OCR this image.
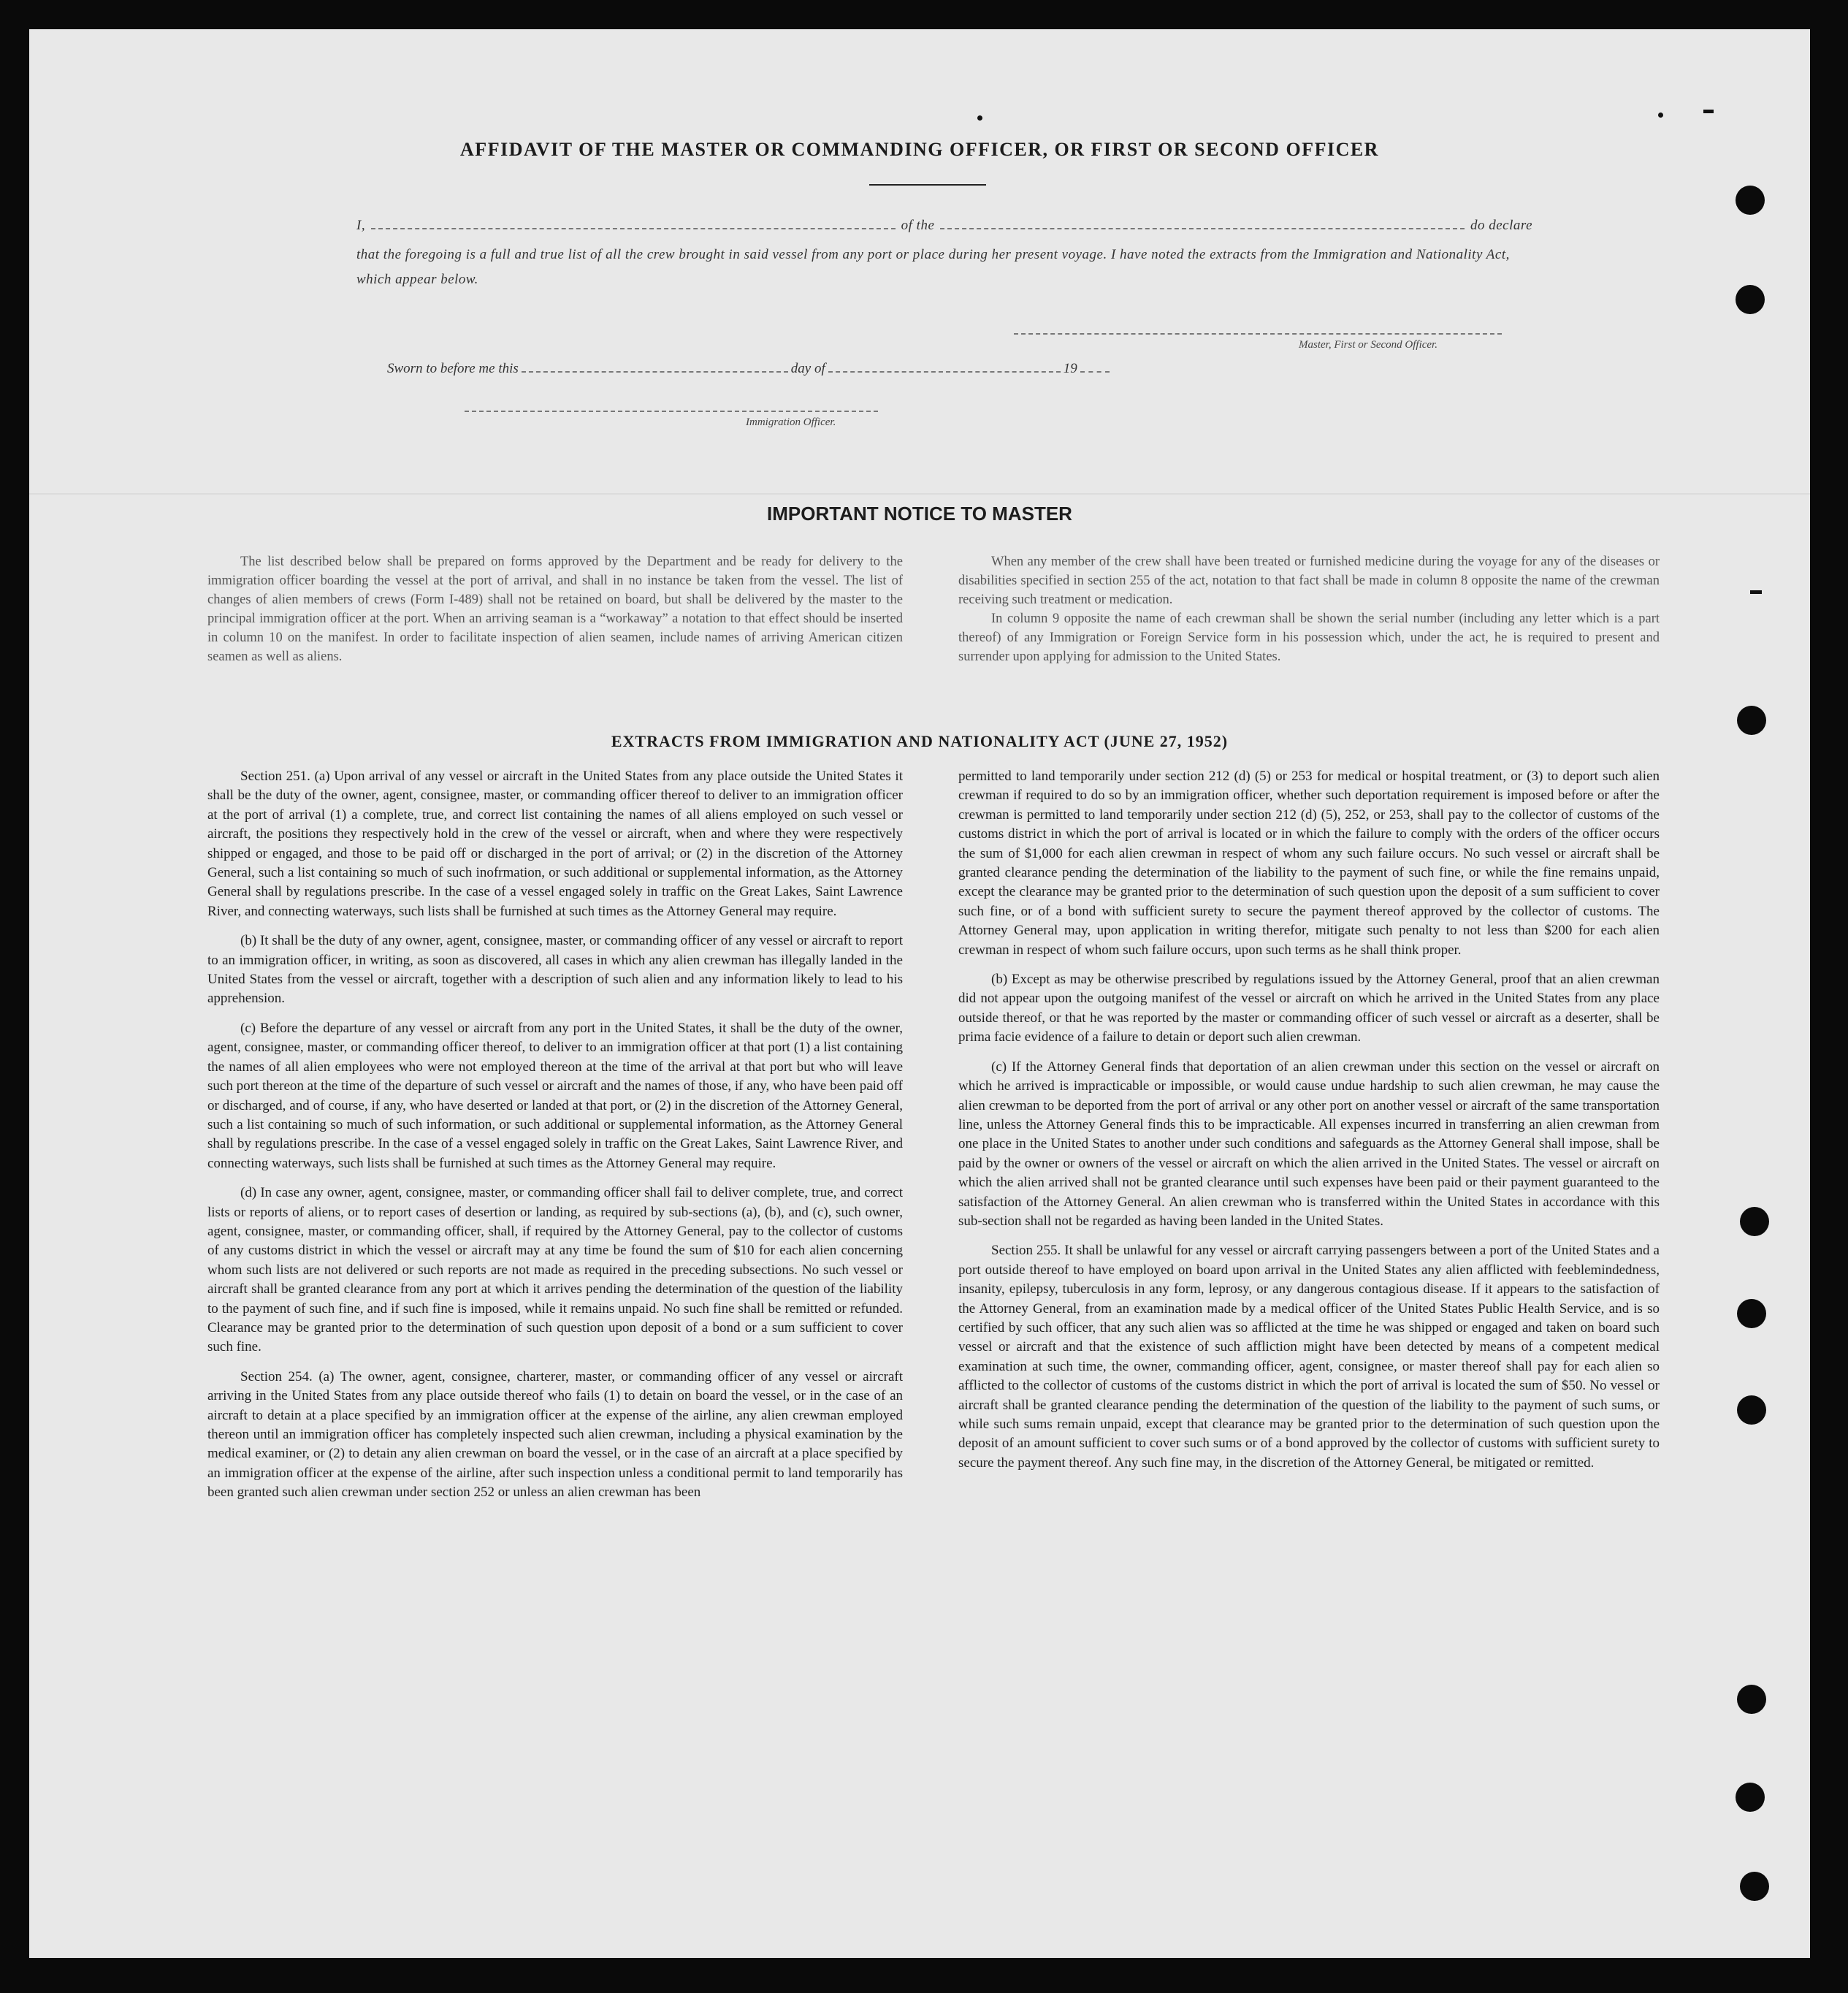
AFFIDAVIT OF THE MASTER OR COMMANDING OFFICER, OR FIRST OR SECOND OFFICER
I,	of the	do declare
that the foregoing is a full and true list of all the crew brought in said vessel from any port or place during her present voyage. I have noted the extracts from the Immigration and Nationality Act, which appear below.
Master, First or Second Officer.
Sworn to before me this	day of	19
Immigration Officer.
IMPORTANT NOTICE TO MASTER

The list described below shall be prepared on forms approved by the Department and be ready for delivery to the immigration officer boarding the vessel at the port of arrival, and shall in no instance be taken from the vessel. The list of changes of alien members of crews (Form I-489) shall not be retained on board, but shall be delivered by the master to the principal immigration officer at the port. When an arriving seaman is a “workaway” a notation to that effect should be inserted in column 10 on the manifest. In order to facilitate inspection of alien seamen, include names of arriving American citizen seamen as well as aliens.

When any member of the crew shall have been treated or furnished medicine during the voyage for any of the diseases or disabilities specified in section 255 of the act, notation to that fact shall be made in column 8 opposite the name of the crewman receiving such treatment or medication.

In column 9 opposite the name of each crewman shall be shown the serial number (including any letter which is a part thereof) of any Immigration or Foreign Service form in his possession which, under the act, he is required to present and surrender upon applying for admission to the United States.

EXTRACTS FROM IMMIGRATION AND NATIONALITY ACT (JUNE 27, 1952)

Section 251. (a) Upon arrival of any vessel or aircraft in the United States from any place outside the United States it shall be the duty of the owner, agent, consignee, master, or commanding officer thereof to deliver to an immigration officer at the port of arrival (1) a complete, true, and correct list containing the names of all aliens employed on such vessel or aircraft, the positions they respectively hold in the crew of the vessel or aircraft, when and where they were respectively shipped or engaged, and those to be paid off or discharged in the port of arrival; or (2) in the discretion of the Attorney General, such a list containing so much of such inofrmation, or such additional or supplemental information, as the Attorney General shall by regulations prescribe. In the case of a vessel engaged solely in traffic on the Great Lakes, Saint Lawrence River, and connecting waterways, such lists shall be furnished at such times as the Attorney General may require.

(b) It shall be the duty of any owner, agent, consignee, master, or commanding officer of any vessel or aircraft to report to an immigration officer, in writing, as soon as discovered, all cases in which any alien crewman has illegally landed in the United States from the vessel or aircraft, together with a description of such alien and any information likely to lead to his apprehension.

(c) Before the departure of any vessel or aircraft from any port in the United States, it shall be the duty of the owner, agent, consignee, master, or commanding officer thereof, to deliver to an immigration officer at that port (1) a list containing the names of all alien employees who were not employed thereon at the time of the arrival at that port but who will leave such port thereon at the time of the departure of such vessel or aircraft and the names of those, if any, who have been paid off or discharged, and of course, if any, who have deserted or landed at that port, or (2) in the discretion of the Attorney General, such a list containing so much of such information, or such additional or supplemental information, as the Attorney General shall by regulations prescribe. In the case of a vessel engaged solely in traffic on the Great Lakes, Saint Lawrence River, and connecting waterways, such lists shall be furnished at such times as the Attorney General may require.

(d) In case any owner, agent, consignee, master, or commanding officer shall fail to deliver complete, true, and correct lists or reports of aliens, or to report cases of desertion or landing, as required by sub-sections (a), (b), and (c), such owner, agent, consignee, master, or commanding officer, shall, if required by the Attorney General, pay to the collector of customs of any customs district in which the vessel or aircraft may at any time be found the sum of $10 for each alien concerning whom such lists are not delivered or such reports are not made as required in the preceding subsections. No such vessel or aircraft shall be granted clearance from any port at which it arrives pending the determination of the question of the liability to the payment of such fine, and if such fine is imposed, while it remains unpaid. No such fine shall be remitted or refunded. Clearance may be granted prior to the determination of such question upon deposit of a bond or a sum sufficient to cover such fine.

Section 254. (a) The owner, agent, consignee, charterer, master, or commanding officer of any vessel or aircraft arriving in the United States from any place outside thereof who fails (1) to detain on board the vessel, or in the case of an aircraft to detain at a place specified by an immigration officer at the expense of the airline, any alien crewman employed thereon until an immigration officer has completely inspected such alien crewman, including a physical examination by the medical examiner, or (2) to detain any alien crewman on board the vessel, or in the case of an aircraft at a place specified by an immigration officer at the expense of the airline, after such inspection unless a conditional permit to land temporarily has been granted such alien crewman under section 252 or unless an alien crewman has been

permitted to land temporarily under section 212 (d) (5) or 253 for medical or hospital treatment, or (3) to deport such alien crewman if required to do so by an immigration officer, whether such deportation requirement is imposed before or after the crewman is permitted to land temporarily under section 212 (d) (5), 252, or 253, shall pay to the collector of customs of the customs district in which the port of arrival is located or in which the failure to comply with the orders of the officer occurs the sum of $1,000 for each alien crewman in respect of whom any such failure occurs. No such vessel or aircraft shall be granted clearance pending the determination of the liability to the payment of such fine, or while the fine remains unpaid, except the clearance may be granted prior to the determination of such question upon the deposit of a sum sufficient to cover such fine, or of a bond with sufficient surety to secure the payment thereof approved by the collector of customs. The Attorney General may, upon application in writing therefor, mitigate such penalty to not less than $200 for each alien crewman in respect of whom such failure occurs, upon such terms as he shall think proper.

(b) Except as may be otherwise prescribed by regulations issued by the Attorney General, proof that an alien crewman did not appear upon the outgoing manifest of the vessel or aircraft on which he arrived in the United States from any place outside thereof, or that he was reported by the master or commanding officer of such vessel or aircraft as a deserter, shall be prima facie evidence of a failure to detain or deport such alien crewman.

(c) If the Attorney General finds that deportation of an alien crewman under this section on the vessel or aircraft on which he arrived is impracticable or impossible, or would cause undue hardship to such alien crewman, he may cause the alien crewman to be deported from the port of arrival or any other port on another vessel or aircraft of the same transportation line, unless the Attorney General finds this to be impracticable. All expenses incurred in transferring an alien crewman from one place in the United States to another under such conditions and safeguards as the Attorney General shall impose, shall be paid by the owner or owners of the vessel or aircraft on which the alien arrived in the United States. The vessel or aircraft on which the alien arrived shall not be granted clearance until such expenses have been paid or their payment guaranteed to the satisfaction of the Attorney General. An alien crewman who is transferred within the United States in accordance with this sub-section shall not be regarded as having been landed in the United States.

Section 255. It shall be unlawful for any vessel or aircraft carrying passengers between a port of the United States and a port outside thereof to have employed on board upon arrival in the United States any alien afflicted with feeblemindedness, insanity, epilepsy, tuberculosis in any form, leprosy, or any dangerous contagious disease. If it appears to the satisfaction of the Attorney General, from an examination made by a medical officer of the United States Public Health Service, and is so certified by such officer, that any such alien was so afflicted at the time he was shipped or engaged and taken on board such vessel or aircraft and that the existence of such affliction might have been detected by means of a competent medical examination at such time, the owner, commanding officer, agent, consignee, or master thereof shall pay for each alien so afflicted to the collector of customs of the customs district in which the port of arrival is located the sum of $50. No vessel or aircraft shall be granted clearance pending the determination of the question of the liability to the payment of such sums, or while such sums remain unpaid, except that clearance may be granted prior to the determination of such question upon the deposit of an amount sufficient to cover such sums or of a bond approved by the collector of customs with sufficient surety to secure the payment thereof. Any such fine may, in the discretion of the Attorney General, be mitigated or remitted.
